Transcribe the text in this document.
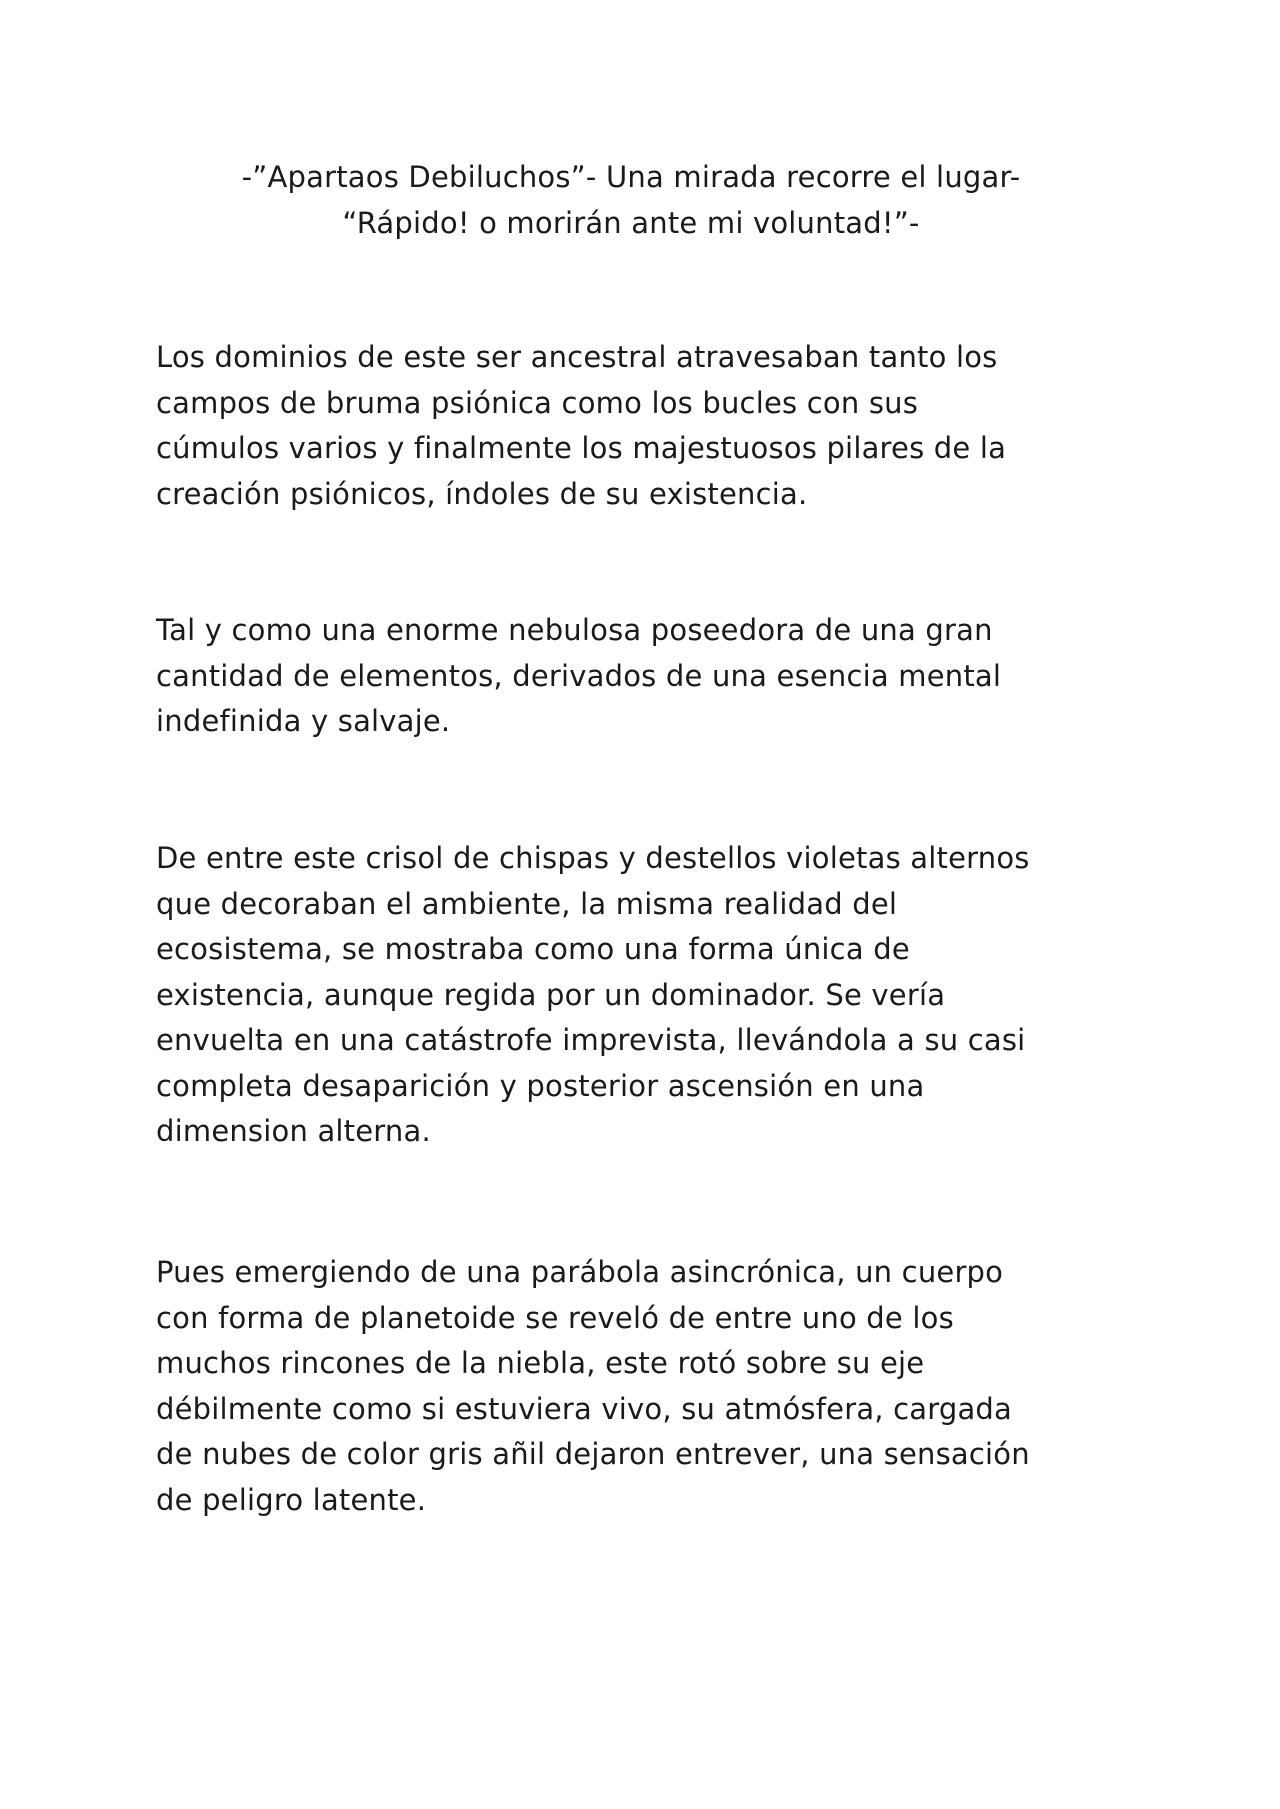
-”Apartaos Debiluchos”- Una mirada recorre el lugar-
“Rápido! o morirán ante mi voluntad!”-
Los dominios de este ser ancestral atravesaban tanto los
campos de bruma psiónica como los bucles con sus
cúmulos varios y finalmente los majestuosos pilares de la
creación psiónicos, índoles de su existencia.
Tal y como una enorme nebulosa poseedora de una gran
cantidad de elementos, derivados de una esencia mental
indefinida y salvaje.
De entre este crisol de chispas y destellos violetas alternos
que decoraban el ambiente, la misma realidad del
ecosistema, se mostraba como una forma única de
existencia, aunque regida por un dominador. Se vería
envuelta en una catástrofe imprevista, llevándola a su casi
completa desaparición y posterior ascensión en una
dimension alterna.
Pues emergiendo de una parábola asincrónica, un cuerpo
con forma de planetoide se reveló de entre uno de los
muchos rincones de la niebla, este rotó sobre su eje
débilmente como si estuviera vivo, su atmósfera, cargada
de nubes de color gris añil dejaron entrever, una sensación
de peligro latente.
